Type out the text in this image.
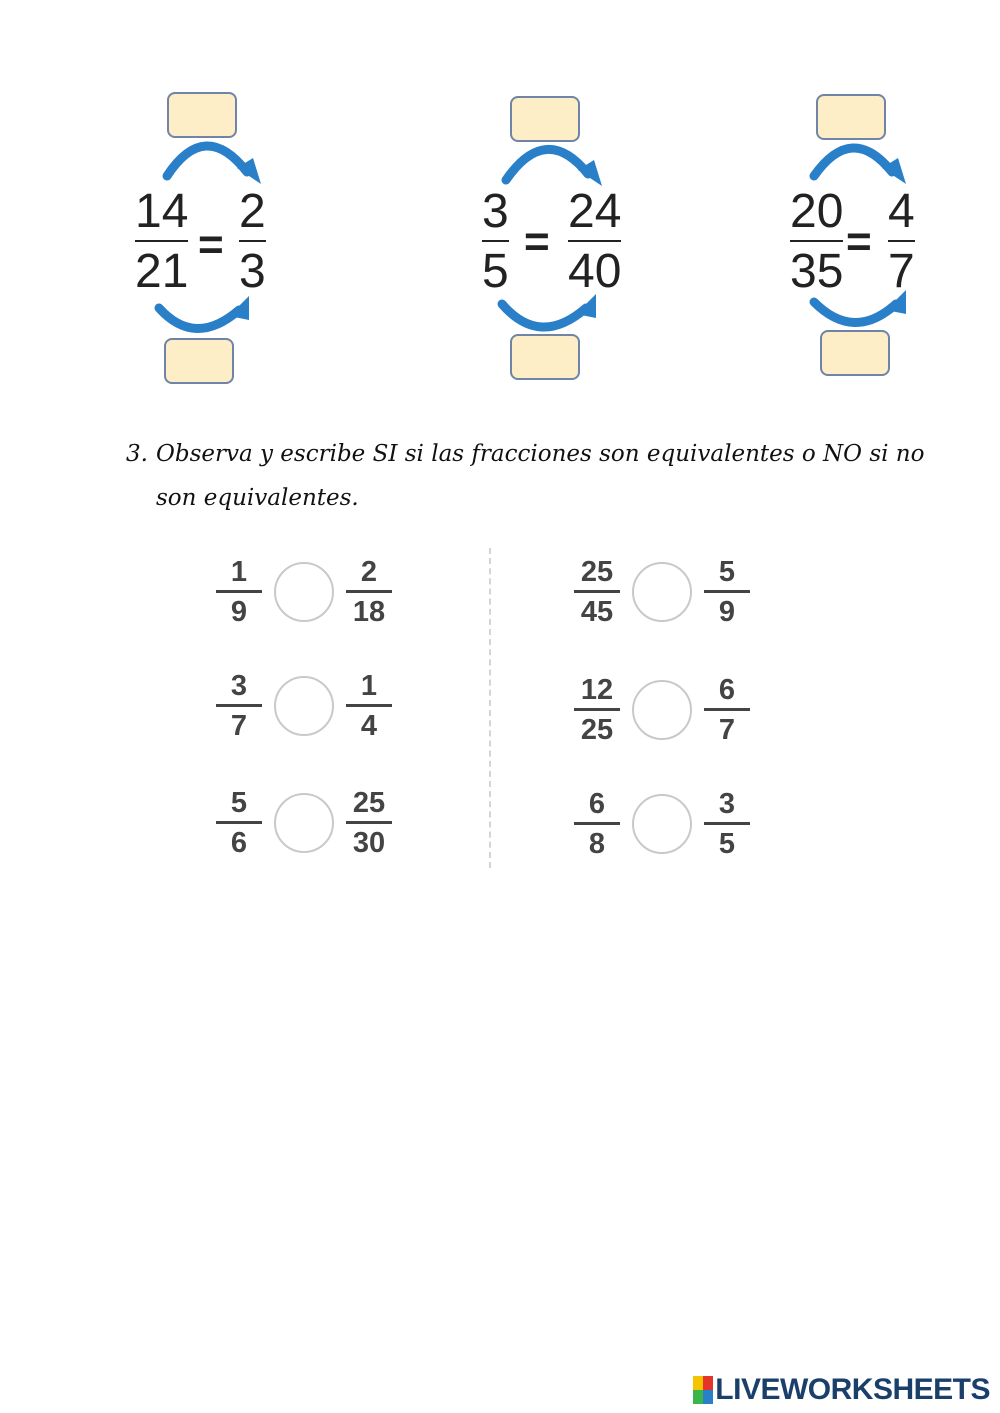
14
21
=
2
3
3
5
=
24
40
20
35
=
4
7
3. Observa y escribe SI si las fracciones son equivalentes o NO si no
son equivalentes.
1
9
2
18
3
7
1
4
5
6
25
30
25
45
5
9
12
25
6
7
6
8
3
5
LIVEWORKSHEETS
